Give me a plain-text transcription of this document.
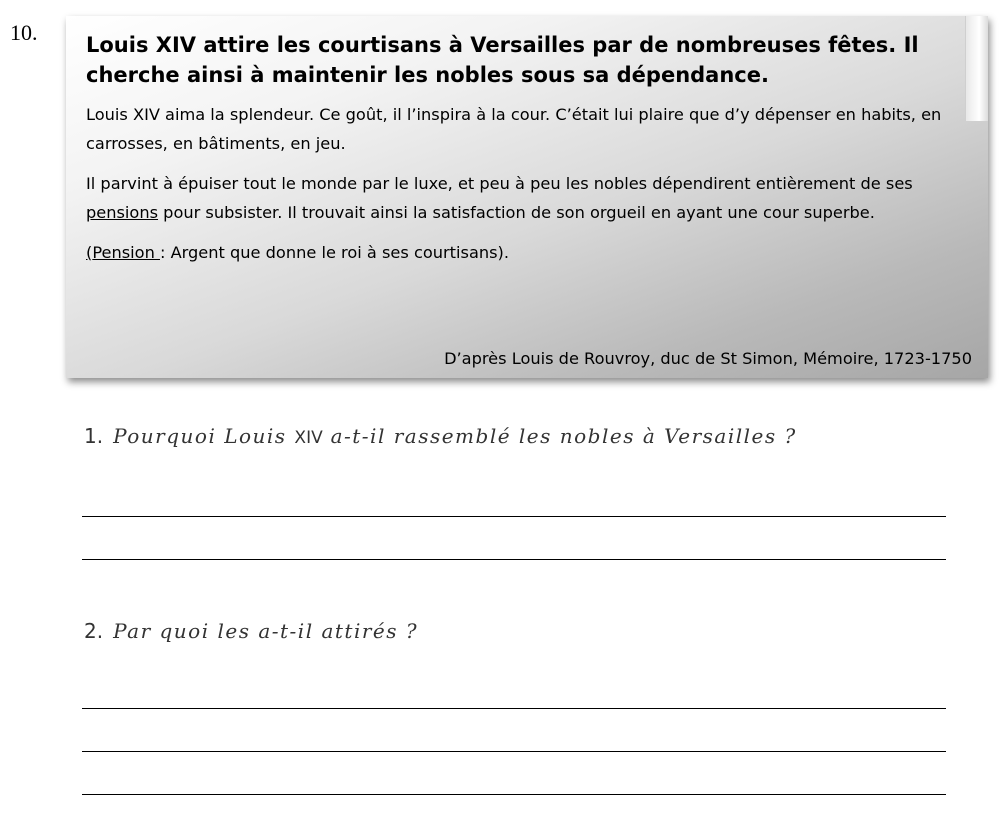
10. Louis XIV attire les courtisans à Versailles par de nombreuses fêtes. Il cherche ainsi à maintenir les nobles sous sa dépendance.

Louis XIV aima la splendeur. Ce goût, il l’inspira à la cour. C’était lui plaire que d’y dépenser en habits, en carrosses, en bâtiments, en jeu.

Il parvint à épuiser tout le monde par le luxe, et peu à peu les nobles dépendirent entièrement de ses pensions pour subsister. Il trouvait ainsi la satisfaction de son orgueil en ayant une cour superbe.

(Pension : Argent que donne le roi à ses courtisans).

D’après Louis de Rouvroy, duc de St Simon, Mémoire, 1723-1750
1. Pourquoi Louis XIV a-t-il rassemblé les nobles à Versailles ?
2. Par quoi les a-t-il attirés ?
